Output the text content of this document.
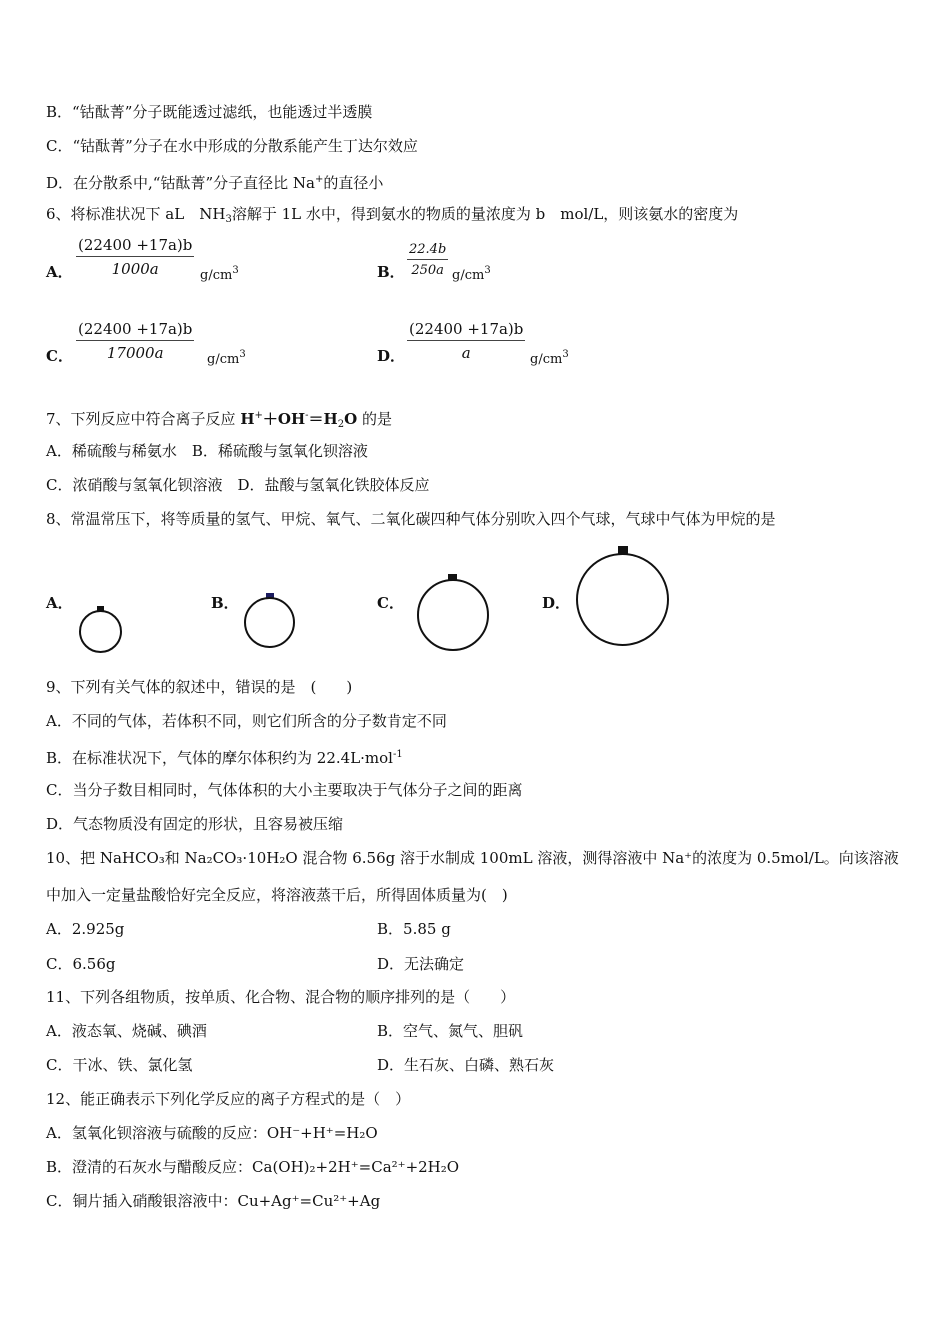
B．“钴酞菁”分子既能透过滤纸，也能透过半透膜
C．“钴酞菁”分子在水中形成的分散系能产生丁达尔效应
D．在分散系中,“钴酞菁”分子直径比 Na+的直径小
6、将标准状况下 aL　$NH_3$溶解于 1L 水中，得到氨水的物质的量浓度为 b　mol/L，则该氨水的密度为
A． $\frac{(22400 +17a)b}{1000a} g/cm^3$	B． $\frac{22.4b}{250a} g/cm^3$
C． $\frac{(22400 +17a)b}{17000a} g/cm^3$	D． $\frac{(22400 +17a)b}{a} g/cm^3$
7、下列反应中符合离子反应 $H^++OH^-=H_2O$ 的是
A．稀硫酸与稀氨水　B．稀硫酸与氢氧化钡溶液
C．浓硝酸与氢氧化钡溶液　D．盐酸与氢氧化铁胶体反应
8、常温常压下，将等质量的氢气、甲烷、氧气、二氧化碳四种气体分别吹入四个气球，气球中气体为甲烷的是
A．	B．	C．	D．
9、下列有关气体的叙述中，错误的是　(　　)
A．不同的气体，若体积不同，则它们所含的分子数肯定不同
B．在标准状况下，气体的摩尔体积约为 22.4L·mol$^{-1}$
C．当分子数目相同时，气体体积的大小主要取决于气体分子之间的距离
D．气态物质没有固定的形状，且容易被压缩
10、把 NaHCO₃和 Na₂CO₃·10H₂O 混合物 6.56g 溶于水制成 100mL 溶液，测得溶液中 Na⁺的浓度为 0.5mol/L。向该溶液
中加入一定量盐酸恰好完全反应，将溶液蒸干后，所得固体质量为(　)
A．2.925g	B．5.85 g
C．6.56g	D．无法确定
11、下列各组物质，按单质、化合物、混合物的顺序排列的是（　　）
A．液态氧、烧碱、碘酒	B．空气、氮气、胆矾
C．干冰、铁、氯化氢	D．生石灰、白磷、熟石灰
12、能正确表示下列化学反应的离子方程式的是（　）
A．氢氧化钡溶液与硫酸的反应：OH⁻+H⁺=H₂O
B．澄清的石灰水与醋酸反应：Ca(OH)₂+2H⁺=Ca²⁺+2H₂O
C．铜片插入硝酸银溶液中：Cu+Ag⁺=Cu²⁺+Ag
